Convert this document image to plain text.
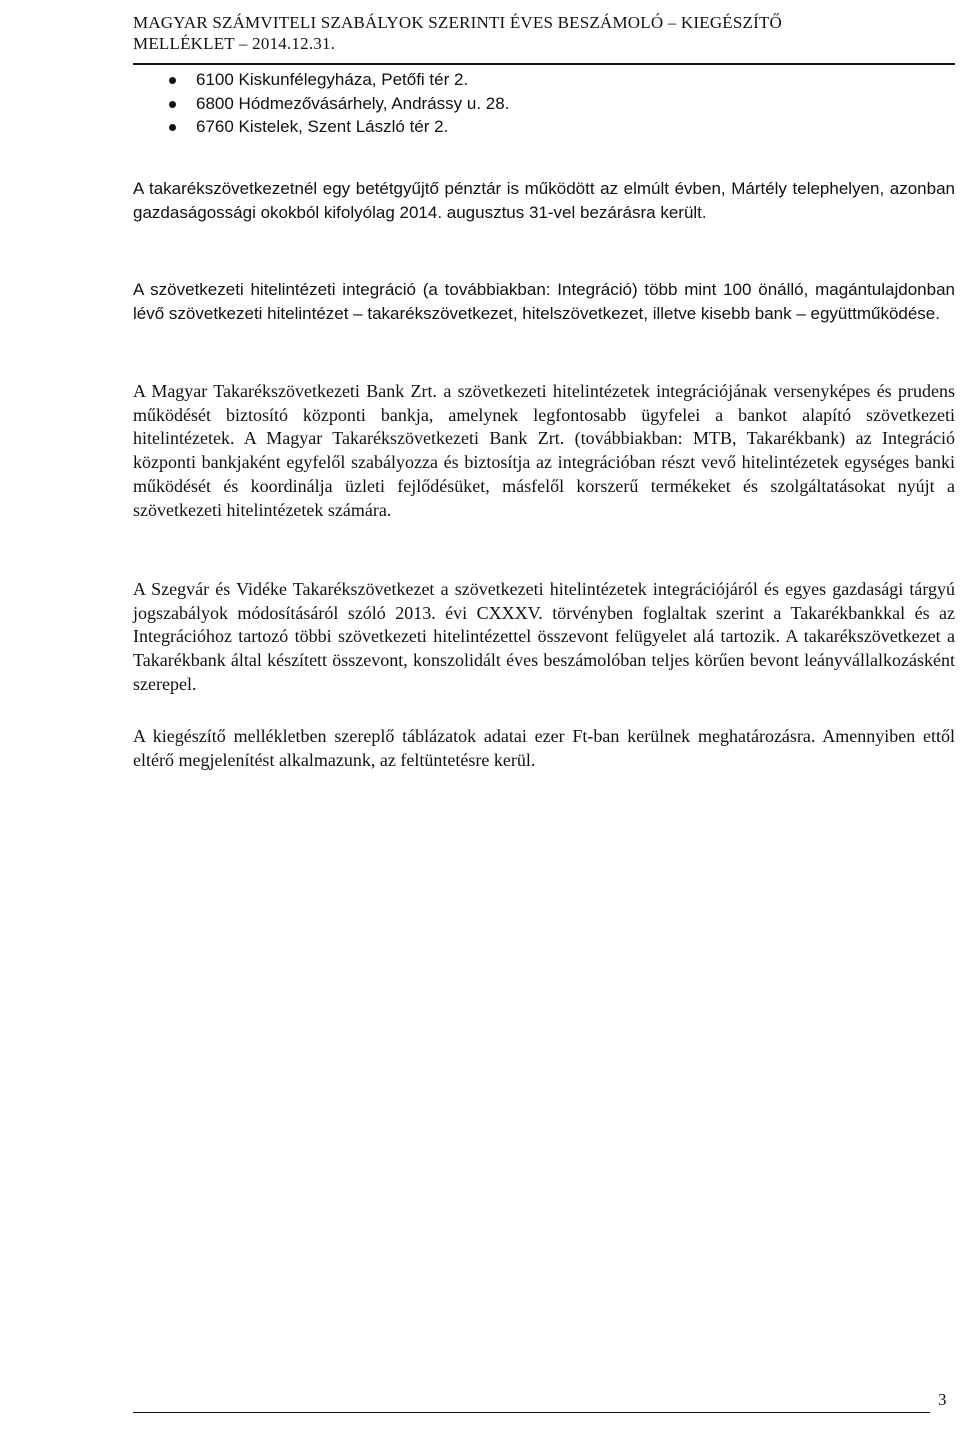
MAGYAR SZÁMVITELI SZABÁLYOK SZERINTI ÉVES BESZÁMOLÓ – KIEGÉSZÍTŐ
MELLÉKLET – 2014.12.31.
6100 Kiskunfélegyháza, Petőfi tér 2.
6800 Hódmezővásárhely, Andrássy u. 28.
6760 Kistelek, Szent László tér 2.

A takarékszövetkezetnél egy betétgyűjtő pénztár is működött az elmúlt évben, Mártély telephelyen, azonban gazdaságossági okokból kifolyólag 2014. augusztus 31-vel bezárásra került.

A szövetkezeti hitelintézeti integráció (a továbbiakban: Integráció) több mint 100 önálló, magántulajdonban lévő szövetkezeti hitelintézet – takarékszövetkezet, hitelszövetkezet, illetve kisebb bank – együttműködése.

A Magyar Takarékszövetkezeti Bank Zrt. a szövetkezeti hitelintézetek integrációjának versenyképes és prudens működését biztosító központi bankja, amelynek legfontosabb ügyfelei a bankot alapító szövetkezeti hitelintézetek. A Magyar Takarékszövetkezeti Bank Zrt. (továbbiakban: MTB, Takarékbank) az Integráció központi bankjaként egyfelől szabályozza és biztosítja az integrációban részt vevő hitelintézetek egységes banki működését és koordinálja üzleti fejlődésüket, másfelől korszerű termékeket és szolgáltatásokat nyújt a szövetkezeti hitelintézetek számára.

A Szegvár és Vidéke Takarékszövetkezet a szövetkezeti hitelintézetek integrációjáról és egyes gazdasági tárgyú jogszabályok módosításáról szóló 2013. évi CXXXV. törvényben foglaltak szerint a Takarékbankkal és az Integrációhoz tartozó többi szövetkezeti hitelintézettel összevont felügyelet alá tartozik. A takarékszövetkezet a Takarékbank által készített összevont, konszolidált éves beszámolóban teljes körűen bevont leányvállalkozásként szerepel.

A kiegészítő mellékletben szereplő táblázatok adatai ezer Ft-ban kerülnek meghatározásra. Amennyiben ettől eltérő megjelenítést alkalmazunk, az feltüntetésre kerül.

3
